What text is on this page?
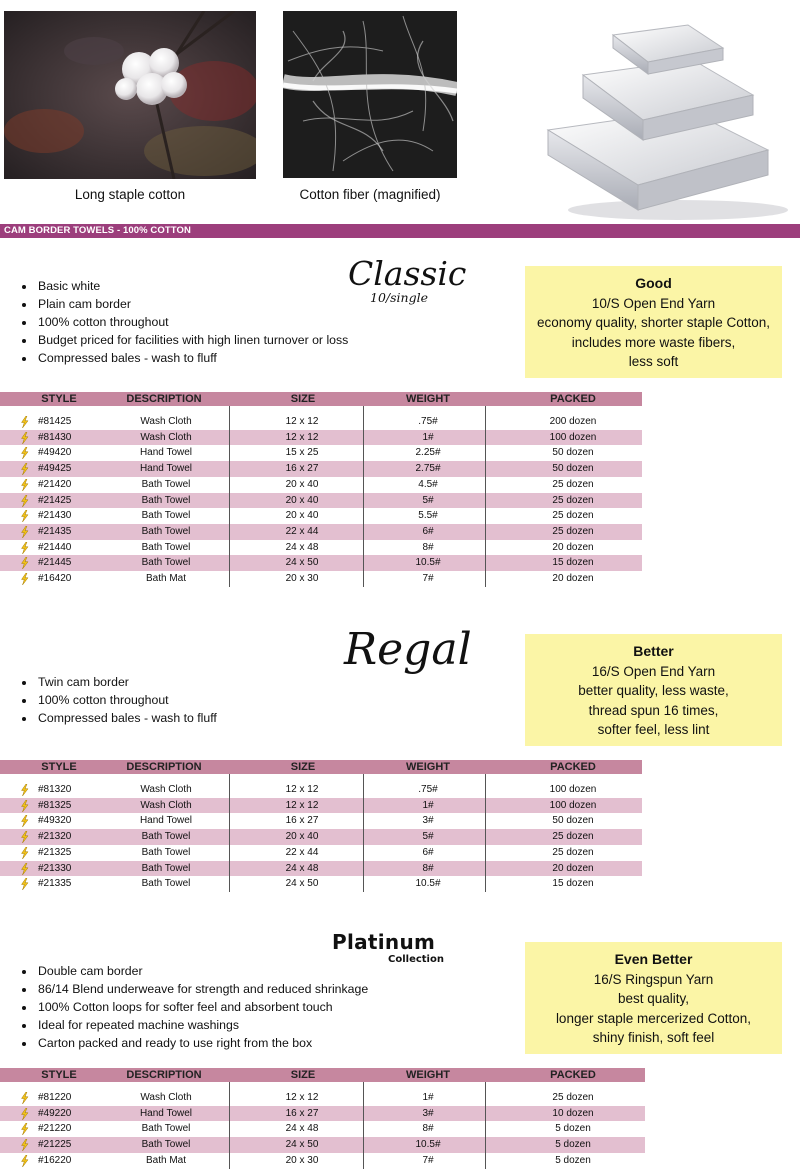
Long staple cotton	Cotton fiber (magnified)
CAM BORDER TOWELS - 100% COTTON
Basic white
Plain cam border
100% cotton throughout
Budget priced for facilities with high linen turnover or loss
Compressed bales - wash to fluff
Classic
10/single
Good
10/S Open End Yarn
economy quality, shorter staple Cotton,
includes more waste fibers,
less soft
STYLE	DESCRIPTION	SIZE	WEIGHT	PACKED
#81425	Wash Cloth	12 x 12	.75#	200 dozen
#81430	Wash Cloth	12 x 12	1#	100 dozen
#49420	Hand Towel	15 x 25	2.25#	50 dozen
#49425	Hand Towel	16 x 27	2.75#	50 dozen
#21420	Bath Towel	20 x 40	4.5#	25 dozen
#21425	Bath Towel	20 x 40	5#	25 dozen
#21430	Bath Towel	20 x 40	5.5#	25 dozen
#21435	Bath Towel	22 x 44	6#	25 dozen
#21440	Bath Towel	24 x 48	8#	20 dozen
#21445	Bath Towel	24 x 50	10.5#	15 dozen
#16420	Bath Mat	20 x 30	7#	20 dozen
Twin cam border
100% cotton throughout
Compressed bales - wash to fluff
Regal	Better
16/S Open End Yarn
better quality, less waste,
thread spun 16 times,
softer feel, less lint
STYLE	DESCRIPTION	SIZE	WEIGHT	PACKED
#81320	Wash Cloth	12 x 12	.75#	100 dozen
#81325	Wash Cloth	12 x 12	1#	100 dozen
#49320	Hand Towel	16 x 27	3#	50 dozen
#21320	Bath Towel	20 x 40	5#	25 dozen
#21325	Bath Towel	22 x 44	6#	25 dozen
#21330	Bath Towel	24 x 48	8#	20 dozen
#21335	Bath Towel	24 x 50	10.5#	15 dozen
Double cam border
86/14 Blend underweave for strength and reduced shrinkage
100% Cotton loops for softer feel and absorbent touch
Ideal for repeated machine washings
Carton packed and ready to use right from the box
Platinum
Collection	Even Better
16/S Ringspun Yarn
best quality,
longer staple mercerized Cotton,
shiny finish, soft feel
STYLE	DESCRIPTION	SIZE	WEIGHT	PACKED
#81220	Wash Cloth	12 x 12	1#	25 dozen
#49220	Hand Towel	16 x 27	3#	10 dozen
#21220	Bath Towel	24 x 48	8#	5 dozen
#21225	Bath Towel	24 x 50	10.5#	5 dozen
#16220	Bath Mat	20 x 30	7#	5 dozen
